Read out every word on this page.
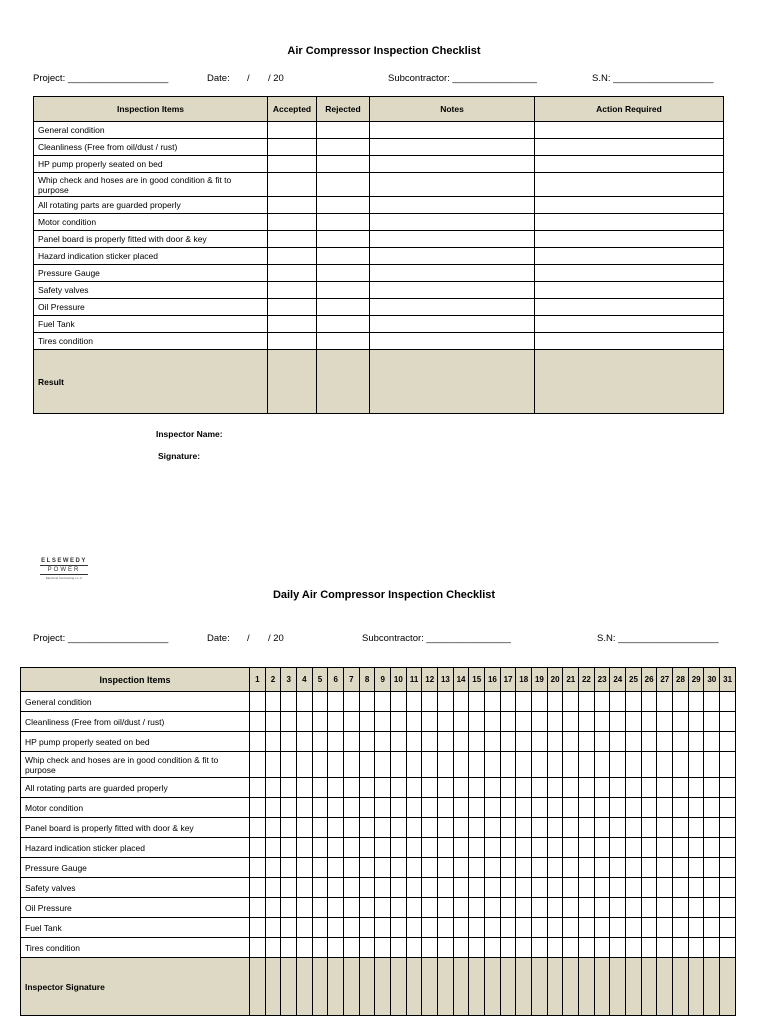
Air Compressor Inspection Checklist
Project: ___________________	Date: / / 20	Subcontractor: ________________	S.N: ___________________
Inspection Items	Accepted	Rejected	Notes	Action Required
General condition				
Cleanliness (Free from oil/dust / rust)				
HP pump properly seated on bed				
Whip check and hoses are in good condition & fit to purpose				
All rotating parts are guarded properly				
Motor condition				
Panel board is properly fitted with door & key				
Hazard indication sticker placed				
Pressure Gauge				
Safety valves				
Oil Pressure				
Fuel Tank				
Tires condition				
Result				
Inspector Name:
Signature:
ELSEWEDY
POWER
Electrical Contracting L.L.C
Daily Air Compressor Inspection Checklist
Project: ___________________	Date: / / 20	Subcontractor: ________________	S.N: ___________________
Inspection Items	1	2	3	4	5	6	7	8	9	10	11	12	13	14	15	16	17	18	19	20	21	22	23	24	25	26	27	28	29	30	31
General condition																															
Cleanliness (Free from oil/dust / rust)																															
HP pump properly seated on bed																															
Whip check and hoses are in good condition & fit to purpose																															
All rotating parts are guarded properly																															
Motor condition																															
Panel board is properly fitted with door & key																															
Hazard indication sticker placed																															
Pressure Gauge																															
Safety valves																															
Oil Pressure																															
Fuel Tank																															
Tires condition																															
Inspector Signature																															
